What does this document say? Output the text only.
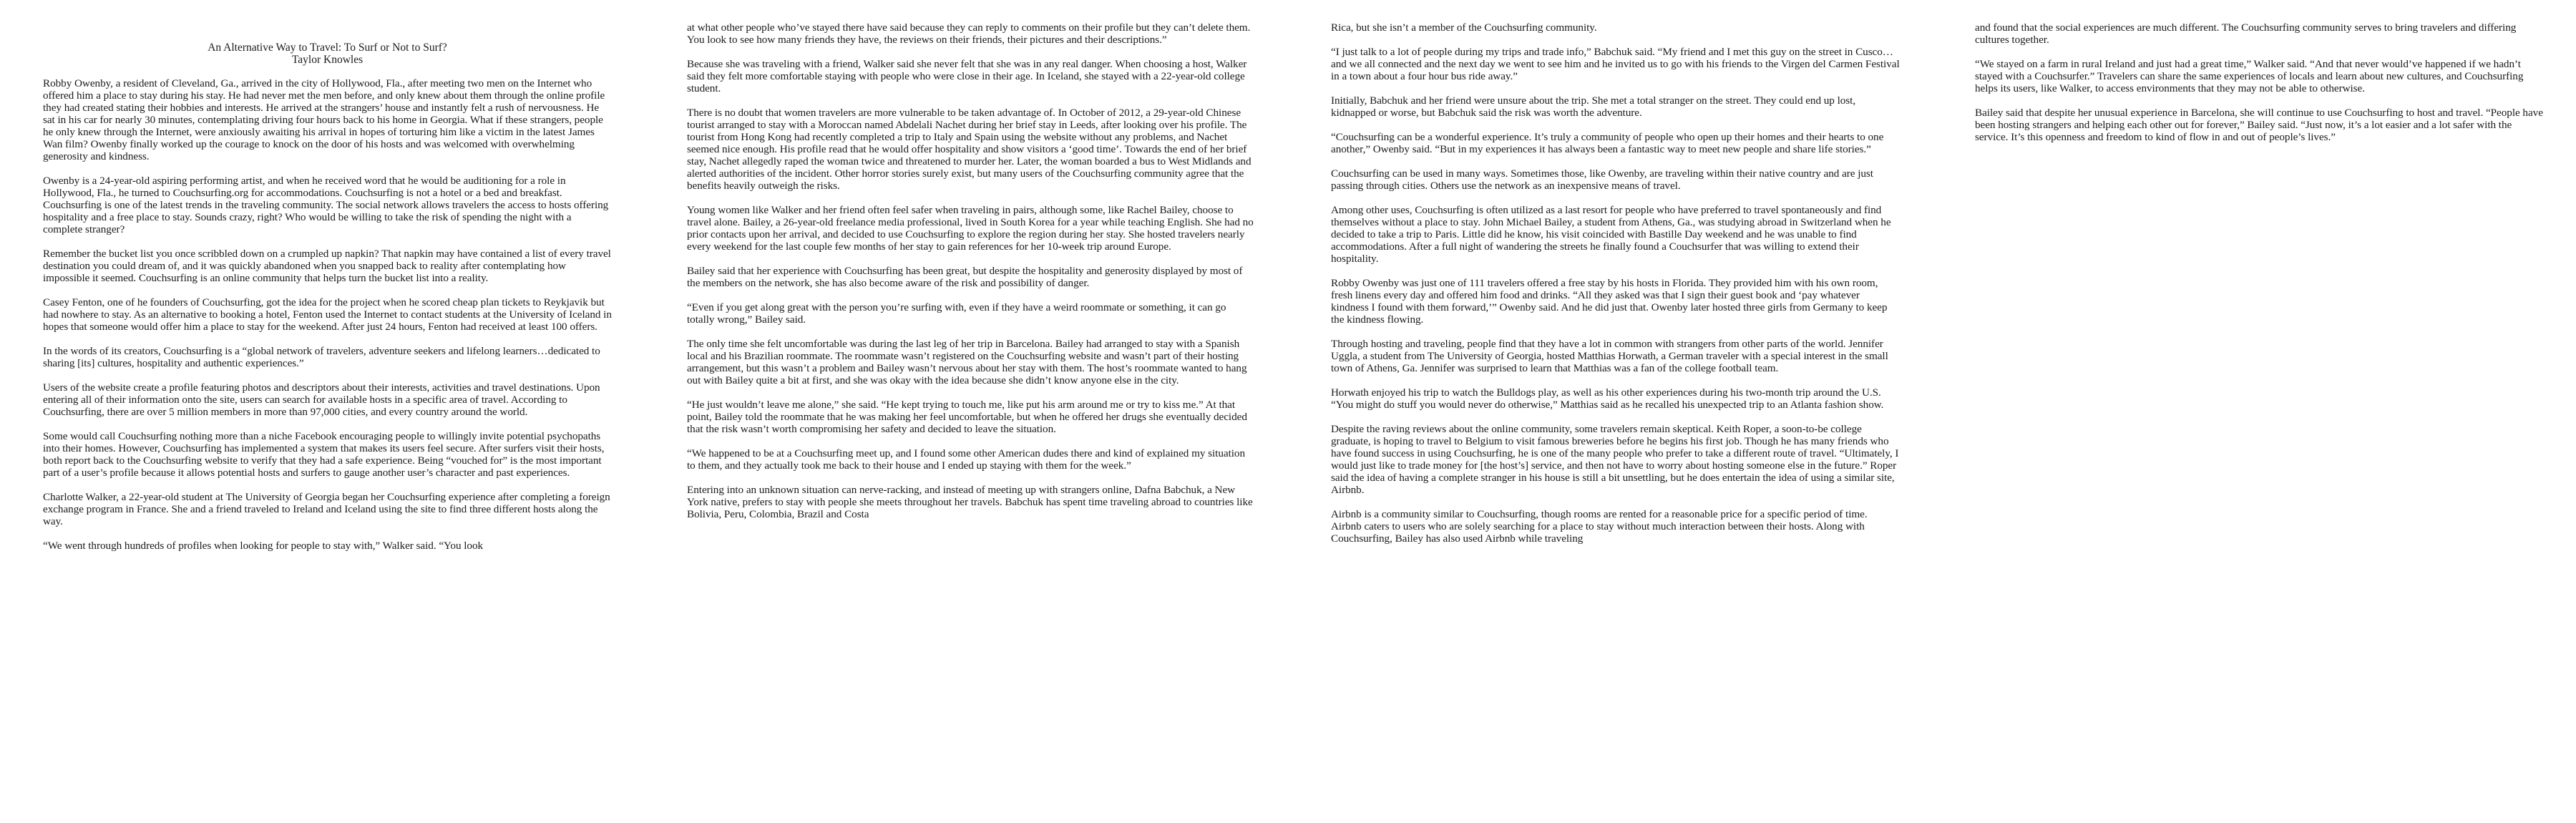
An Alternative Way to Travel: To Surf or Not to Surf?
Taylor Knowles

Robby Owenby, a resident of Cleveland, Ga., arrived in the city of Hollywood, Fla., after meeting two men on the Internet who offered him a place to stay during his stay. He had never met the men before, and only knew about them through the online profile they had created stating their hobbies and interests. He arrived at the strangers’ house and instantly felt a rush of nervousness. He sat in his car for nearly 30 minutes, contemplating driving four hours back to his home in Georgia. What if these strangers, people he only knew through the Internet, were anxiously awaiting his arrival in hopes of torturing him like a victim in the latest James Wan film? Owenby finally worked up the courage to knock on the door of his hosts and was welcomed with overwhelming generosity and kindness.

Owenby is a 24-year-old aspiring performing artist, and when he received word that he would be auditioning for a role in Hollywood, Fla., he turned to Couchsurfing.org for accommodations. Couchsurfing is not a hotel or a bed and breakfast. Couchsurfing is one of the latest trends in the traveling community. The social network allows travelers the access to hosts offering hospitality and a free place to stay. Sounds crazy, right? Who would be willing to take the risk of spending the night with a complete stranger?

Remember the bucket list you once scribbled down on a crumpled up napkin? That napkin may have contained a list of every travel destination you could dream of, and it was quickly abandoned when you snapped back to reality after contemplating how impossible it seemed. Couchsurfing is an online community that helps turn the bucket list into a reality.

Casey Fenton, one of he founders of Couchsurfing, got the idea for the project when he scored cheap plan tickets to Reykjavik but had nowhere to stay. As an alternative to booking a hotel, Fenton used the Internet to contact students at the University of Iceland in hopes that someone would offer him a place to stay for the weekend. After just 24 hours, Fenton had received at least 100 offers.

In the words of its creators, Couchsurfing is a “global network of travelers, adventure seekers and lifelong learners…dedicated to sharing [its] cultures, hospitality and authentic experiences.”

Users of the website create a profile featuring photos and descriptors about their interests, activities and travel destinations. Upon entering all of their information onto the site, users can search for available hosts in a specific area of travel. According to Couchsurfing, there are over 5 million members in more than 97,000 cities, and every country around the world.

Some would call Couchsurfing nothing more than a niche Facebook encouraging people to willingly invite potential psychopaths into their homes. However, Couchsurfing has implemented a system that makes its users feel secure. After surfers visit their hosts, both report back to the Couchsurfing website to verify that they had a safe experience. Being “vouched for” is the most important part of a user’s profile because it allows potential hosts and surfers to gauge another user’s character and past experiences.

Charlotte Walker, a 22-year-old student at The University of Georgia began her Couchsurfing experience after completing a foreign exchange program in France. She and a friend traveled to Ireland and Iceland using the site to find three different hosts along the way.

“We went through hundreds of profiles when looking for people to stay with,” Walker said. “You look

at what other people who’ve stayed there have said because they can reply to comments on their profile but they can’t delete them. You look to see how many friends they have, the reviews on their friends, their pictures and their descriptions.”

Because she was traveling with a friend, Walker said she never felt that she was in any real danger. When choosing a host, Walker said they felt more comfortable staying with people who were close in their age. In Iceland, she stayed with a 22-year-old college student.

There is no doubt that women travelers are more vulnerable to be taken advantage of. In October of 2012, a 29-year-old Chinese tourist arranged to stay with a Moroccan named Abdelali Nachet during her brief stay in Leeds, after looking over his profile. The tourist from Hong Kong had recently completed a trip to Italy and Spain using the website without any problems, and Nachet seemed nice enough. His profile read that he would offer hospitality and show visitors a ‘good time’. Towards the end of her brief stay, Nachet allegedly raped the woman twice and threatened to murder her. Later, the woman boarded a bus to West Midlands and alerted authorities of the incident. Other horror stories surely exist, but many users of the Couchsurfing community agree that the benefits heavily outweigh the risks.

Young women like Walker and her friend often feel safer when traveling in pairs, although some, like Rachel Bailey, choose to travel alone. Bailey, a 26-year-old freelance media professional, lived in South Korea for a year while teaching English. She had no prior contacts upon her arrival, and decided to use Couchsurfing to explore the region during her stay. She hosted travelers nearly every weekend for the last couple few months of her stay to gain references for her 10-week trip around Europe.

Bailey said that her experience with Couchsurfing has been great, but despite the hospitality and generosity displayed by most of the members on the network, she has also become aware of the risk and possibility of danger.

“Even if you get along great with the person you’re surfing with, even if they have a weird roommate or something, it can go totally wrong,” Bailey said.

The only time she felt uncomfortable was during the last leg of her trip in Barcelona. Bailey had arranged to stay with a Spanish local and his Brazilian roommate. The roommate wasn’t registered on the Couchsurfing website and wasn’t part of their hosting arrangement, but this wasn’t a problem and Bailey wasn’t nervous about her stay with them. The host’s roommate wanted to hang out with Bailey quite a bit at first, and she was okay with the idea because she didn’t know anyone else in the city.

“He just wouldn’t leave me alone,” she said. “He kept trying to touch me, like put his arm around me or try to kiss me.” At that point, Bailey told the roommate that he was making her feel uncomfortable, but when he offered her drugs she eventually decided that the risk wasn’t worth compromising her safety and decided to leave the situation.

“We happened to be at a Couchsurfing meet up, and I found some other American dudes there and kind of explained my situation to them, and they actually took me back to their house and I ended up staying with them for the week.”

Entering into an unknown situation can nerve-racking, and instead of meeting up with strangers online, Dafna Babchuk, a New York native, prefers to stay with people she meets throughout her travels. Babchuk has spent time traveling abroad to countries like Bolivia, Peru, Colombia, Brazil and Costa

Rica, but she isn’t a member of the Couchsurfing community.

“I just talk to a lot of people during my trips and trade info,” Babchuk said. “My friend and I met this guy on the street in Cusco…and we all connected and the next day we went to see him and he invited us to go with his friends to the Virgen del Carmen Festival in a town about a four hour bus ride away.”

Initially, Babchuk and her friend were unsure about the trip. She met a total stranger on the street. They could end up lost, kidnapped or worse, but Babchuk said the risk was worth the adventure.

“Couchsurfing can be a wonderful experience. It’s truly a community of people who open up their homes and their hearts to one another,” Owenby said. “But in my experiences it has always been a fantastic way to meet new people and share life stories.”

Couchsurfing can be used in many ways. Sometimes those, like Owenby, are traveling within their native country and are just passing through cities. Others use the network as an inexpensive means of travel.

Among other uses, Couchsurfing is often utilized as a last resort for people who have preferred to travel spontaneously and find themselves without a place to stay. John Michael Bailey, a student from Athens, Ga., was studying abroad in Switzerland when he decided to take a trip to Paris. Little did he know, his visit coincided with Bastille Day weekend and he was unable to find accommodations. After a full night of wandering the streets he finally found a Couchsurfer that was willing to extend their hospitality.

Robby Owenby was just one of 111 travelers offered a free stay by his hosts in Florida. They provided him with his own room, fresh linens every day and offered him food and drinks. “All they asked was that I sign their guest book and ‘pay whatever kindness I found with them forward,’” Owenby said. And he did just that. Owenby later hosted three girls from Germany to keep the kindness flowing.

Through hosting and traveling, people find that they have a lot in common with strangers from other parts of the world. Jennifer Uggla, a student from The University of Georgia, hosted Matthias Horwath, a German traveler with a special interest in the small town of Athens, Ga. Jennifer was surprised to learn that Matthias was a fan of the college football team.

Horwath enjoyed his trip to watch the Bulldogs play, as well as his other experiences during his two-month trip around the U.S. “You might do stuff you would never do otherwise,” Matthias said as he recalled his unexpected trip to an Atlanta fashion show.

Despite the raving reviews about the online community, some travelers remain skeptical. Keith Roper, a soon-to-be college graduate, is hoping to travel to Belgium to visit famous breweries before he begins his first job. Though he has many friends who have found success in using Couchsurfing, he is one of the many people who prefer to take a different route of travel. “Ultimately, I would just like to trade money for [the host’s] service, and then not have to worry about hosting someone else in the future.” Roper said the idea of having a complete stranger in his house is still a bit unsettling, but he does entertain the idea of using a similar site, Airbnb.

Airbnb is a community similar to Couchsurfing, though rooms are rented for a reasonable price for a specific period of time. Airbnb caters to users who are solely searching for a place to stay without much interaction between their hosts. Along with Couchsurfing, Bailey has also used Airbnb while traveling

and found that the social experiences are much different. The Couchsurfing community serves to bring travelers and differing cultures together.

“We stayed on a farm in rural Ireland and just had a great time,” Walker said. “And that never would’ve happened if we hadn’t stayed with a Couchsurfer.” Travelers can share the same experiences of locals and learn about new cultures, and Couchsurfing helps its users, like Walker, to access environments that they may not be able to otherwise.

Bailey said that despite her unusual experience in Barcelona, she will continue to use Couchsurfing to host and travel. “People have been hosting strangers and helping each other out for forever,” Bailey said. “Just now, it’s a lot easier and a lot safer with the service. It’s this openness and freedom to kind of flow in and out of people’s lives.”
